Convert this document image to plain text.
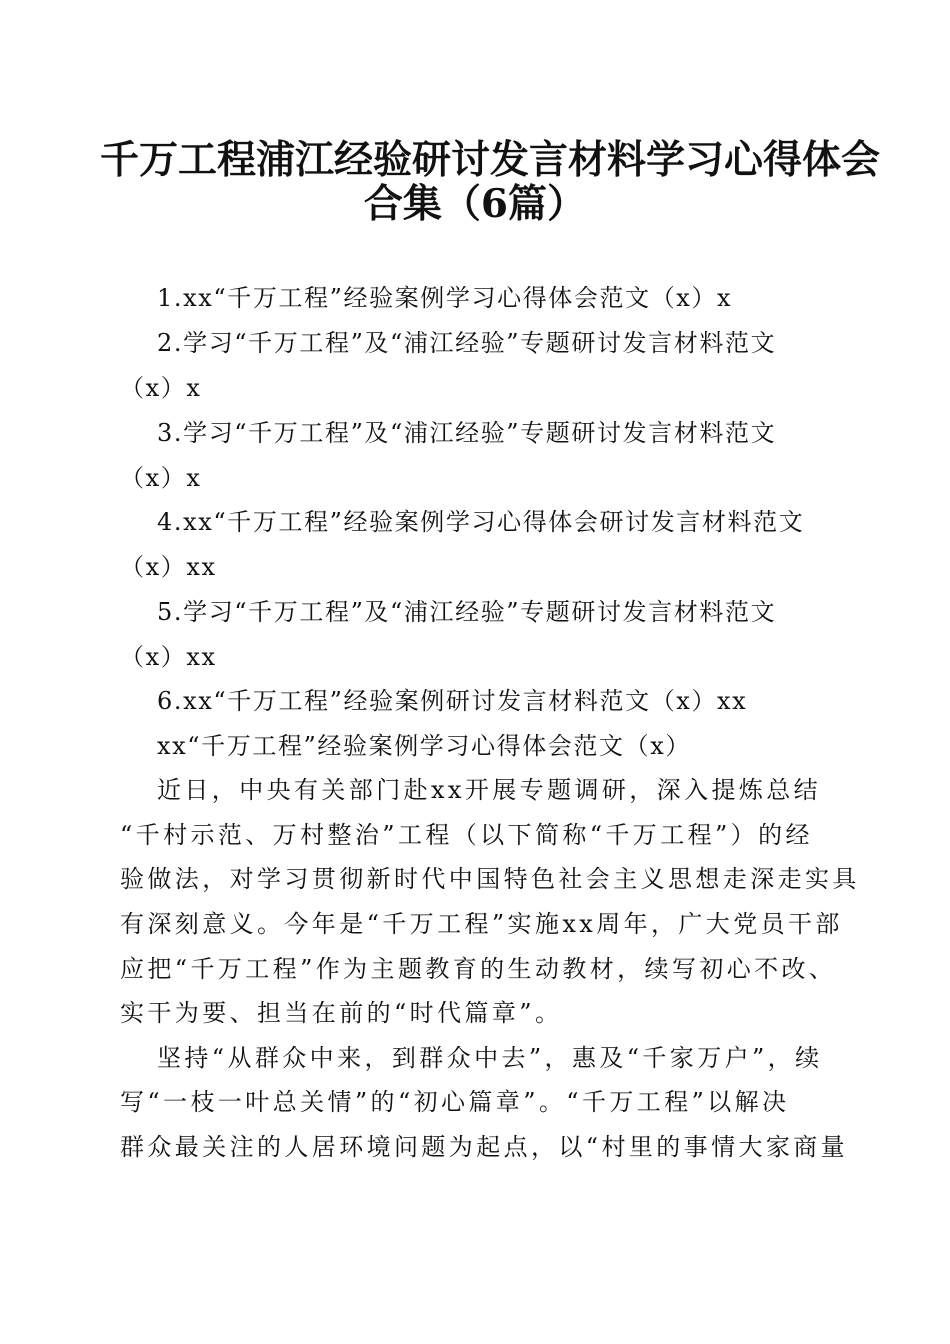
千万工程浦江经验研讨发言材料学习心得体会
合集（6篇）
1.xx“千万工程”经验案例学习心得体会范文（x）x
2.学习“千万工程”及“浦江经验”专题研讨发言材料范文
（x）x
3.学习“千万工程”及“浦江经验”专题研讨发言材料范文
（x）x
4.xx“千万工程”经验案例学习心得体会研讨发言材料范文
（x）xx
5.学习“千万工程”及“浦江经验”专题研讨发言材料范文
（x）xx
6.xx“千万工程”经验案例研讨发言材料范文（x）xx
xx“千万工程”经验案例学习心得体会范文（x）
近日，中央有关部门赴xx开展专题调研，深入提炼总结
“千村示范、万村整治”工程（以下简称“千万工程”）的经
验做法，对学习贯彻新时代中国特色社会主义思想走深走实具
有深刻意义。今年是“千万工程”实施xx周年，广大党员干部
应把“千万工程”作为主题教育的生动教材，续写初心不改、
实干为要、担当在前的“时代篇章”。
坚持“从群众中来，到群众中去”，惠及“千家万户”，续
写“一枝一叶总关情”的“初心篇章”。“千万工程”以解决
群众最关注的人居环境问题为起点，以“村里的事情大家商量
